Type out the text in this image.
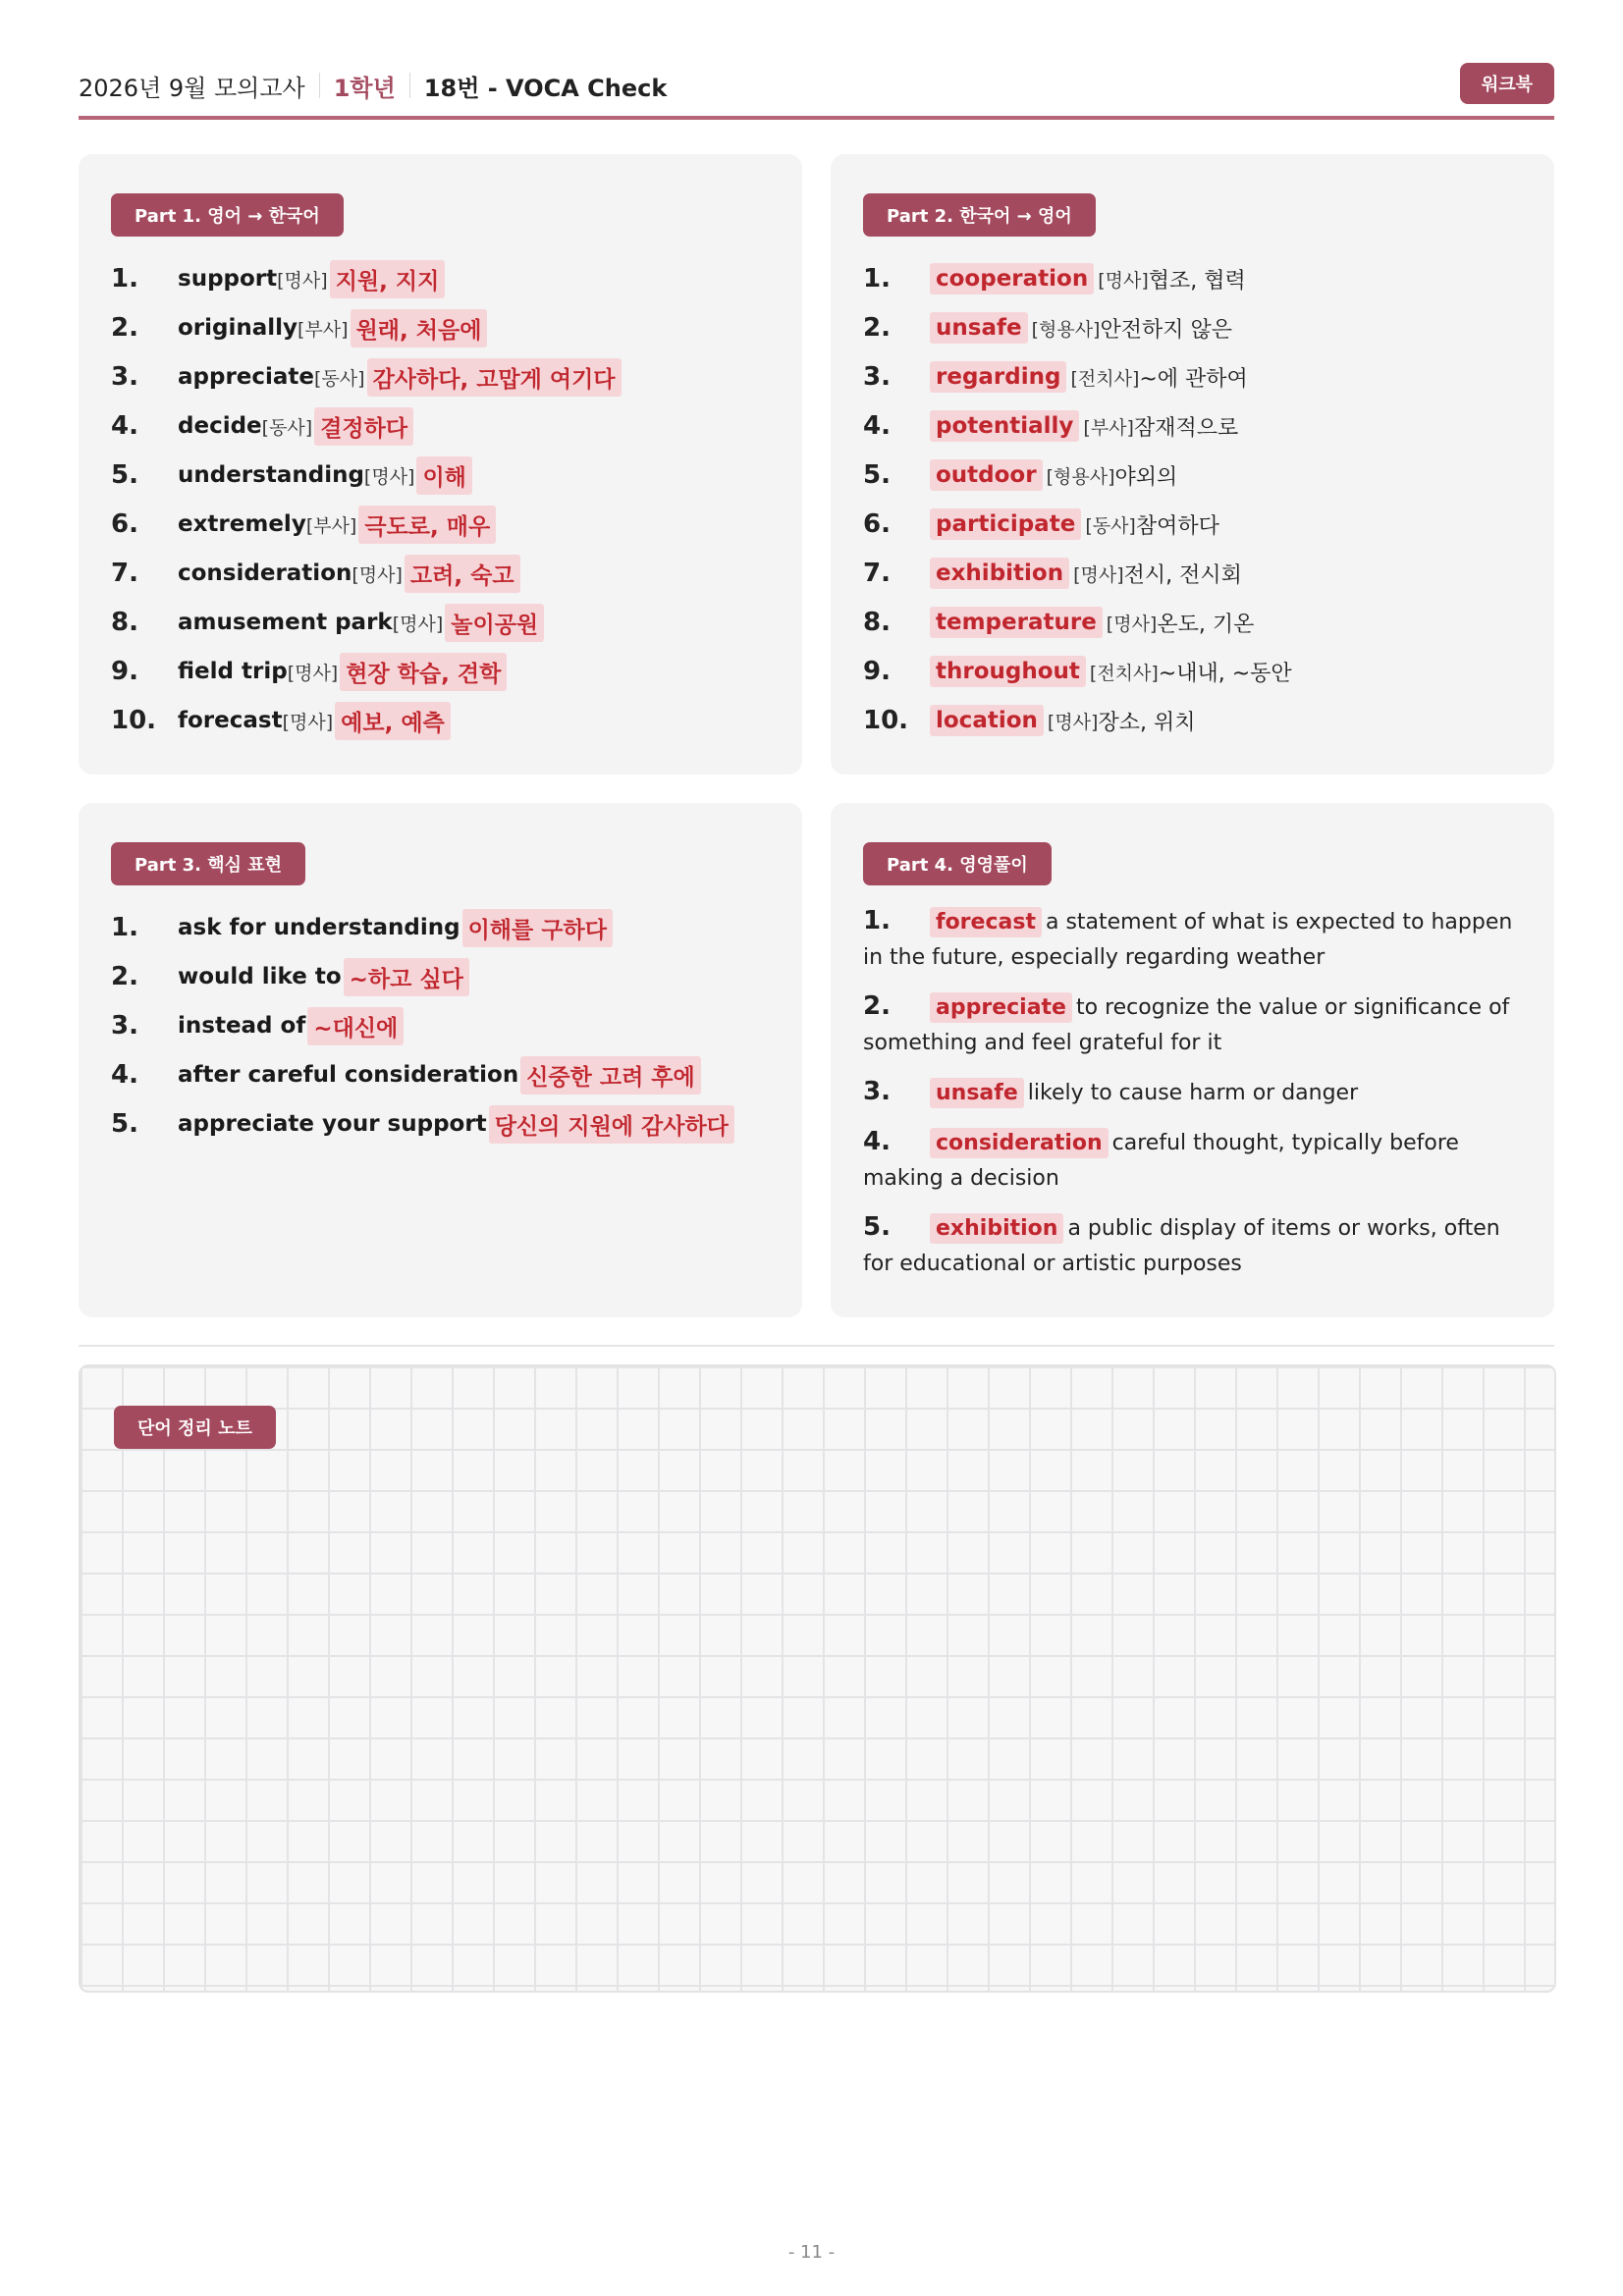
2026년 9월 모의고사 1학년 18번 - VOCA Check	워크북
Part 1. 영어 → 한국어
1.	support [명사] 지원, 지지
2.	originally [부사] 원래, 처음에
3.	appreciate [동사] 감사하다, 고맙게 여기다
4.	decide [동사] 결정하다
5.	understanding [명사] 이해
6.	extremely [부사] 극도로, 매우
7.	consideration [명사] 고려, 숙고
8.	amusement park [명사] 놀이공원
9.	field trip [명사] 현장 학습, 견학
10. forecast [명사] 예보, 예측
Part 2. 한국어 → 영어
1.	cooperation [명사] 협조, 협력
2.	unsafe [형용사] 안전하지 않은
3.	regarding [전치사] ~에 관하여
4.	potentially [부사] 잠재적으로
5.	outdoor [형용사] 야외의
6.	participate [동사] 참여하다
7.	exhibition [명사] 전시, 전시회
8.	temperature [명사] 온도, 기온
9.	throughout [전치사] ~내내, ~동안
10.	location [명사] 장소, 위치
Part 3. 핵심 표현
1.	ask for understanding 이해를 구하다
2.	would like to ~하고 싶다
3.	instead of ~대신에
4.	after careful consideration 신중한 고려 후에
5.	appreciate your support 당신의 지원에 감사하다
Part 4. 영영풀이
1. forecast a statement of what is expected to happen in the future, especially regarding weather
2. appreciate to recognize the value or significance of something and feel grateful for it
3. unsafe likely to cause harm or danger
4. consideration careful thought, typically before making a decision
5. exhibition a public display of items or works, often for educational or artistic purposes
단어 정리 노트
- 11 -
